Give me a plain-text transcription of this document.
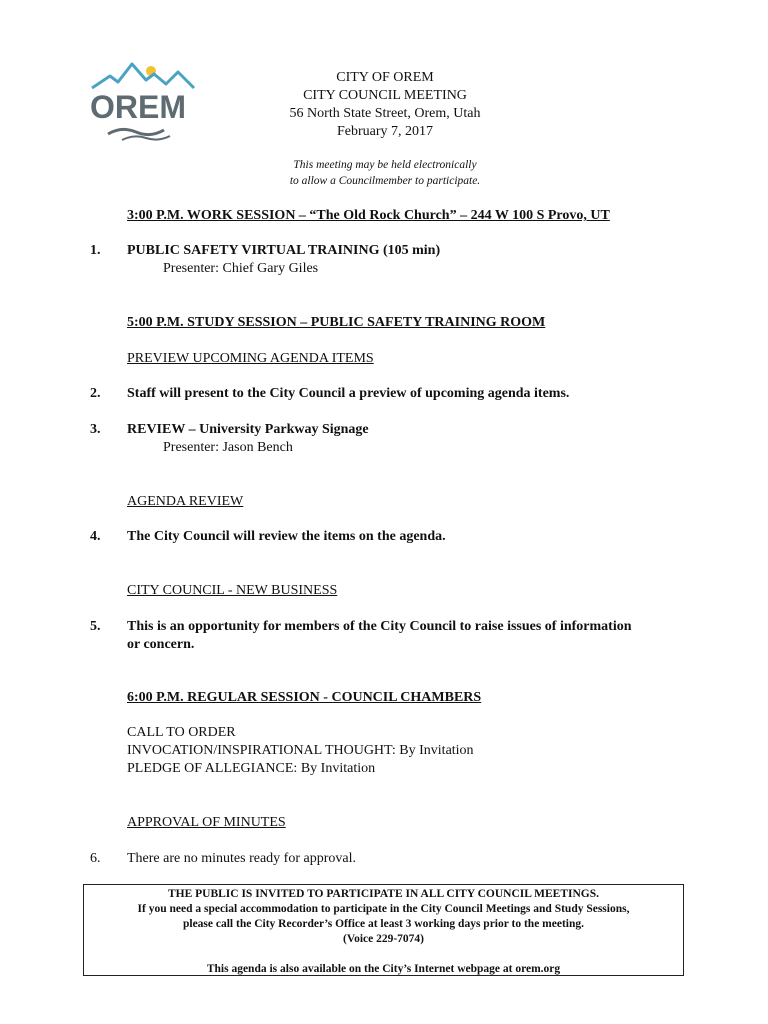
OREM
CITY OF OREM
CITY COUNCIL MEETING
56 North State Street, Orem, Utah
February 7, 2017
This meeting may be held electronically
to allow a Councilmember to participate.
3:00 P.M. WORK SESSION – “The Old Rock Church” – 244 W 100 S Provo, UT
1.	PUBLIC SAFETY VIRTUAL TRAINING (105 min)
Presenter: Chief Gary Giles
5:00 P.M. STUDY SESSION – PUBLIC SAFETY TRAINING ROOM
PREVIEW UPCOMING AGENDA ITEMS
2.	Staff will present to the City Council a preview of upcoming agenda items.
3.	REVIEW – University Parkway Signage
Presenter: Jason Bench
AGENDA REVIEW
4.	The City Council will review the items on the agenda.
CITY COUNCIL - NEW BUSINESS
5.	This is an opportunity for members of the City Council to raise issues of information
or concern.
6:00 P.M. REGULAR SESSION - COUNCIL CHAMBERS
CALL TO ORDER
INVOCATION/INSPIRATIONAL THOUGHT: By Invitation
PLEDGE OF ALLEGIANCE: By Invitation
APPROVAL OF MINUTES
6.	There are no minutes ready for approval.
THE PUBLIC IS INVITED TO PARTICIPATE IN ALL CITY COUNCIL MEETINGS.
If you need a special accommodation to participate in the City Council Meetings and Study Sessions,
please call the City Recorder’s Office at least 3 working days prior to the meeting.
(Voice 229-7074)
This agenda is also available on the City’s Internet webpage at orem.org
